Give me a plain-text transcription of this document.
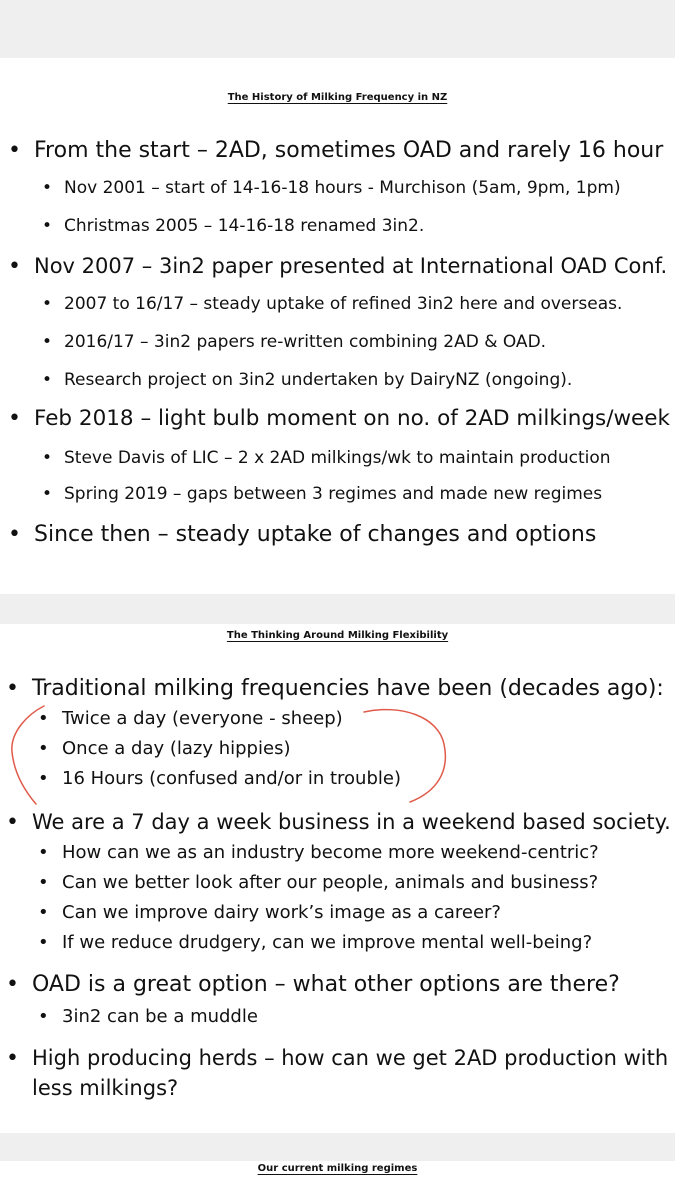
The History of Milking Frequency in NZ
• From the start – 2AD, sometimes OAD and rarely 16 hour
• Nov 2001 – start of 14-16-18 hours - Murchison (5am, 9pm, 1pm)
• Christmas 2005 – 14-16-18 renamed 3in2.
• Nov 2007 – 3in2 paper presented at International OAD Conf.
• 2007 to 16/17 – steady uptake of refined 3in2 here and overseas.
• 2016/17 – 3in2 papers re-written combining 2AD & OAD.
• Research project on 3in2 undertaken by DairyNZ (ongoing).
• Feb 2018 – light bulb moment on no. of 2AD milkings/week
• Steve Davis of LIC – 2 x 2AD milkings/wk to maintain production
• Spring 2019 – gaps between 3 regimes and made new regimes
• Since then – steady uptake of changes and options
The Thinking Around Milking Flexibility
• Traditional milking frequencies have been (decades ago):
• Twice a day (everyone - sheep)
• Once a day (lazy hippies)
• 16 Hours (confused and/or in trouble)
• We are a 7 day a week business in a weekend based society.
• How can we as an industry become more weekend-centric?
• Can we better look after our people, animals and business?
• Can we improve dairy work’s image as a career?
• If we reduce drudgery, can we improve mental well-being?
• OAD is a great option – what other options are there?
• 3in2 can be a muddle
• High producing herds – how can we get 2AD production with
less milkings?
Our current milking regimes
